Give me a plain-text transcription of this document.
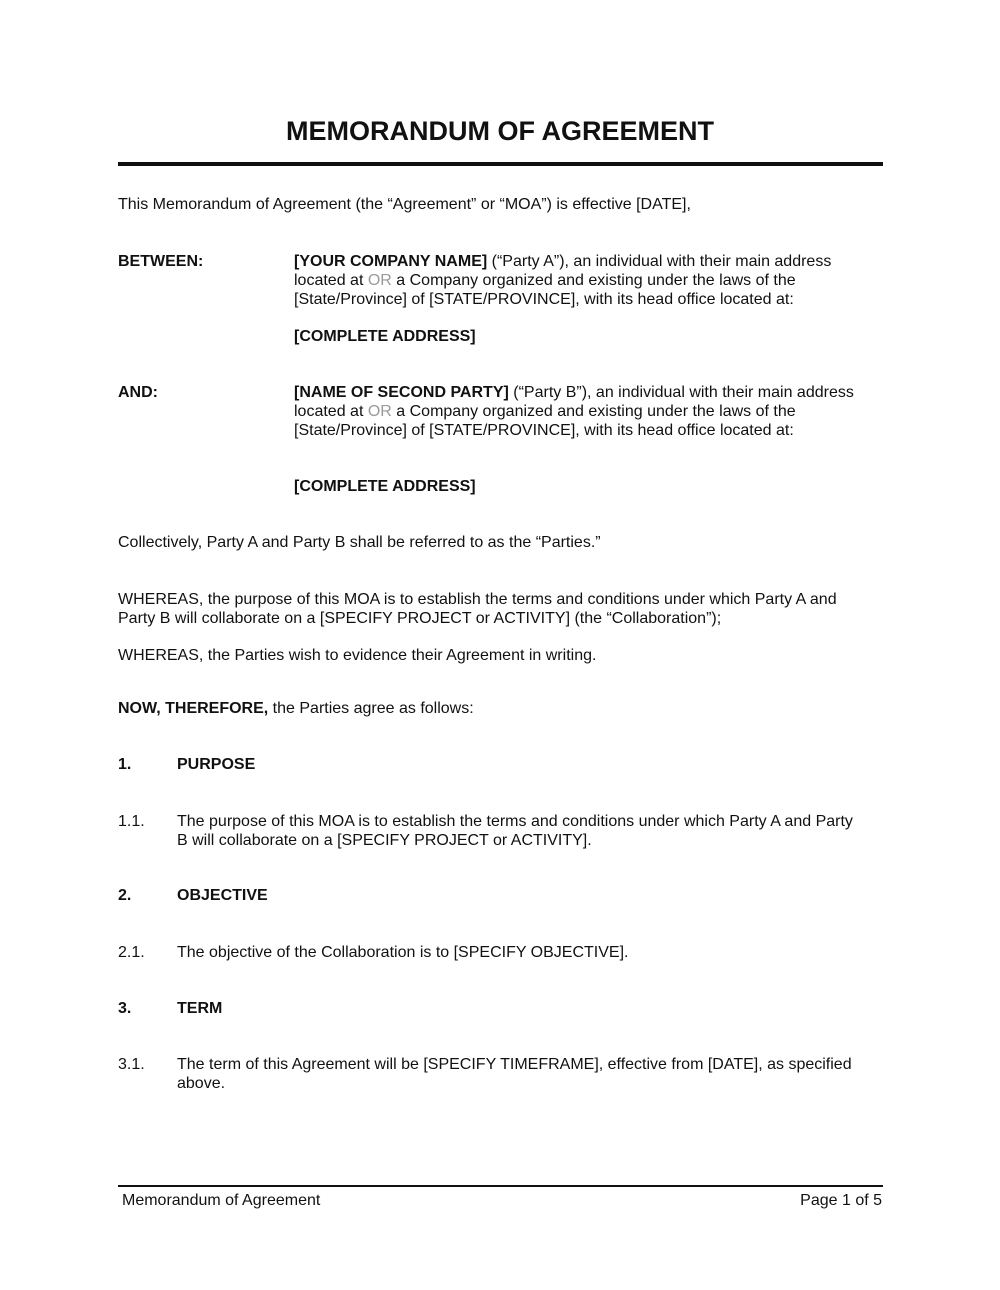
MEMORANDUM OF AGREEMENT
This Memorandum of Agreement (the “Agreement” or “MOA”) is effective [DATE],
BETWEEN:	[YOUR COMPANY NAME] (“Party A”), an individual with their main address
located at OR a Company organized and existing under the laws of the
[State/Province] of [STATE/PROVINCE], with its head office located at:
[COMPLETE ADDRESS]
AND:	[NAME OF SECOND PARTY] (“Party B”), an individual with their main address
located at OR a Company organized and existing under the laws of the
[State/Province] of [STATE/PROVINCE], with its head office located at:
[COMPLETE ADDRESS]
Collectively, Party A and Party B shall be referred to as the “Parties.”
WHEREAS, the purpose of this MOA is to establish the terms and conditions under which Party A and
Party B will collaborate on a [SPECIFY PROJECT or ACTIVITY] (the “Collaboration”);
WHEREAS, the Parties wish to evidence their Agreement in writing.
NOW, THEREFORE, the Parties agree as follows:
1.	PURPOSE
1.1. The purpose of this MOA is to establish the terms and conditions under which Party A and Party
B will collaborate on a [SPECIFY PROJECT or ACTIVITY].
2.	OBJECTIVE
2.1. The objective of the Collaboration is to [SPECIFY OBJECTIVE].
3.	TERM
3.1. The term of this Agreement will be [SPECIFY TIMEFRAME], effective from [DATE], as specified
above.
Memorandum of Agreement	Page 1 of 5
